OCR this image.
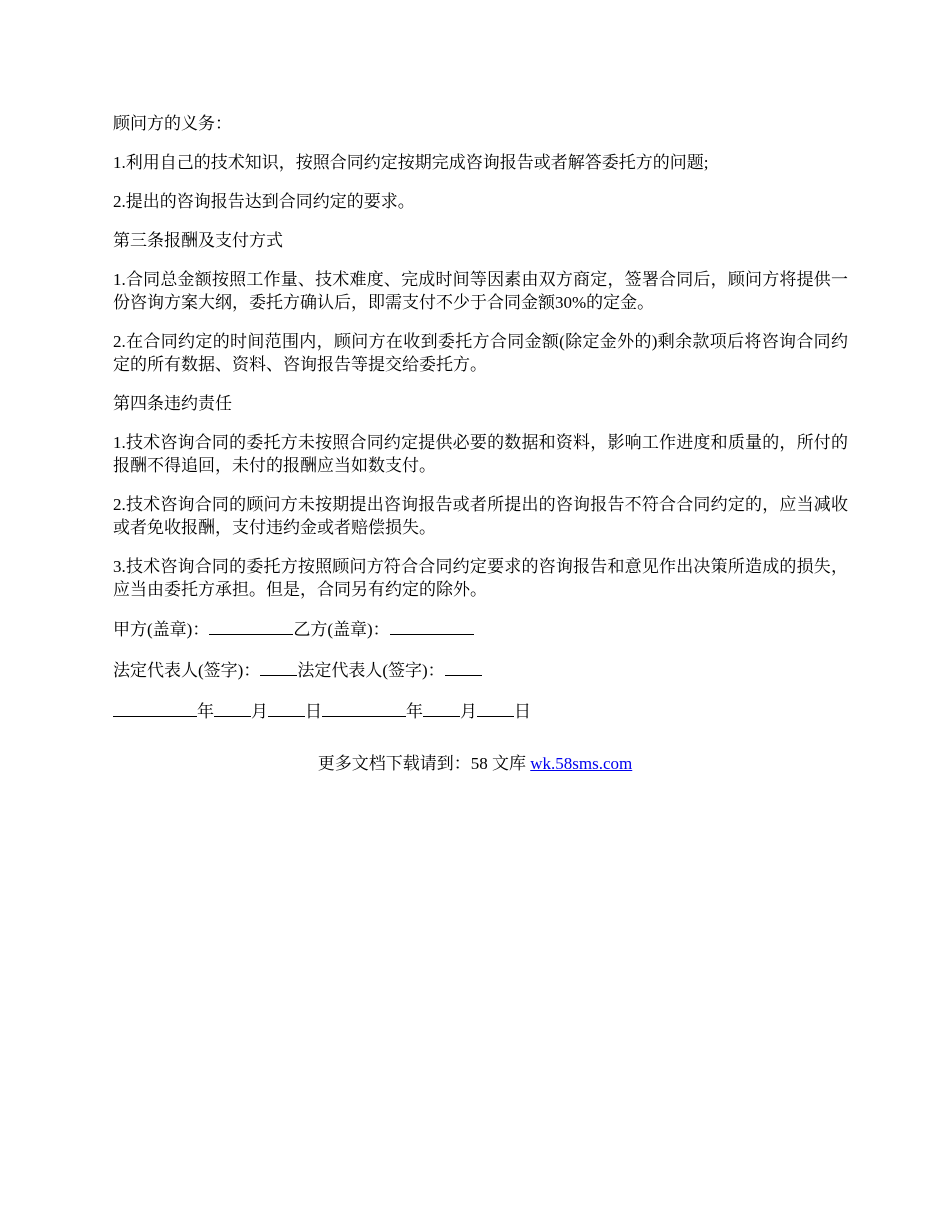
顾问方的义务：

1.利用自己的技术知识，按照合同约定按期完成咨询报告或者解答委托方的问题;

2.提出的咨询报告达到合同约定的要求。

第三条报酬及支付方式

1.合同总金额按照工作量、技术难度、完成时间等因素由双方商定，签署合同后，顾问方将提供一份咨询方案大纲，委托方确认后，即需支付不少于合同金额30%的定金。

2.在合同约定的时间范围内，顾问方在收到委托方合同金额(除定金外的)剩余款项后将咨询合同约定的所有数据、资料、咨询报告等提交给委托方。

第四条违约责任

1.技术咨询合同的委托方未按照合同约定提供必要的数据和资料，影响工作进度和质量的，所付的报酬不得追回，未付的报酬应当如数支付。

2.技术咨询合同的顾问方未按期提出咨询报告或者所提出的咨询报告不符合合同约定的，应当减收或者免收报酬，支付违约金或者赔偿损失。

3.技术咨询合同的委托方按照顾问方符合合同约定要求的咨询报告和意见作出决策所造成的损失，应当由委托方承担。但是，合同另有约定的除外。

甲方(盖章)：	乙方(盖章)：

法定代表人(签字)： 法定代表人(签字)：

年 月 日	年 月 日

更多文档下载请到：58 文库 wk.58sms.com
